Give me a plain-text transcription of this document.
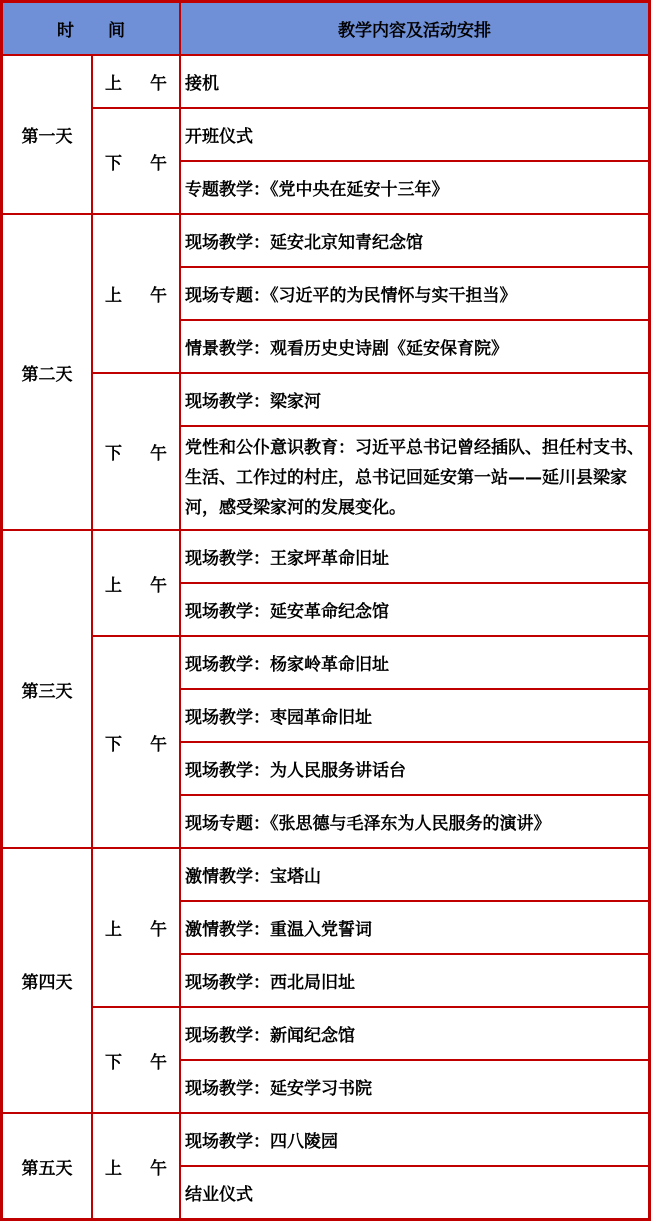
时　　间		教学内容及活动安排
第一天	上 午	接机
	下 午	开班仪式
		专题教学：《党中央在延安十三年》
第二天	上 午	现场教学：延安北京知青纪念馆
		现场专题：《习近平的为民情怀与实干担当》
		情景教学：观看历史史诗剧《延安保育院》
	下 午	现场教学：梁家河
		党性和公仆意识教育：习近平总书记曾经插队、担任村支书、生活、工作过的村庄，总书记回延安第一站——延川县梁家河，感受梁家河的发展变化。
第三天	上 午	现场教学：王家坪革命旧址
		现场教学：延安革命纪念馆
	下 午	现场教学：杨家岭革命旧址
		现场教学：枣园革命旧址
		现场教学：为人民服务讲话台
		现场专题：《张思德与毛泽东为人民服务的演讲》
第四天	上 午	激情教学：宝塔山
		激情教学：重温入党誓词
		现场教学：西北局旧址
	下 午	现场教学：新闻纪念馆
		现场教学：延安学习书院
第五天	上 午	现场教学：四八陵园
		结业仪式
